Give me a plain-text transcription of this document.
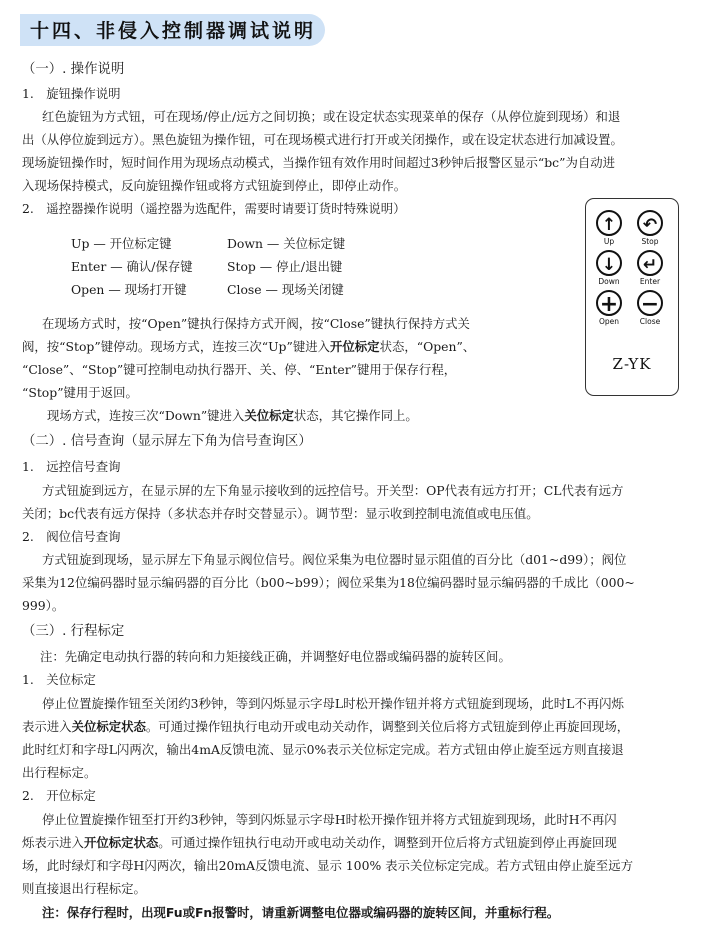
十四、非侵入控制器调试说明
（一）. 操作说明
1.　旋钮操作说明
红色旋钮为方式钮，可在现场/停止/远方之间切换；或在设定状态实现菜单的保存（从停位旋到现场）和退
出（从停位旋到远方）。黑色旋钮为操作钮，可在现场模式进行打开或关闭操作，或在设定状态进行加减设置。
现场旋钮操作时，短时间作用为现场点动模式，当操作钮有效作用时间超过3秒钟后报警区显示“bc”为自动进
入现场保持模式，反向旋钮操作钮或将方式钮旋到停止，即停止动作。
2.　遥控器操作说明（遥控器为选配件，需要时请要订货时特殊说明）
Up — 开位标定键
Enter — 确认/保存键
Open — 现场打开键
Down — 关位标定键
Stop — 停止/退出键
Close — 现场关闭键
在现场方式时，按“Open”键执行保持方式开阀，按“Close”键执行保持方式关
阀，按“Stop”键停动。现场方式，连按三次“Up”键进入开位标定状态，“Open”、
“Close”、“Stop”键可控制电动执行器开、关、停、“Enter”键用于保存行程，
“Stop”键用于返回。
现场方式，连按三次“Down”键进入关位标定状态，其它操作同上。
↑
Up
↶
Stop
↓
Down
↵
Enter
+
Open
−
Close
Z-YK
（二）. 信号查询（显示屏左下角为信号查询区）
1.　远控信号查询
方式钮旋到远方，在显示屏的左下角显示接收到的远控信号。开关型：OP代表有远方打开；CL代表有远方
关闭；bc代表有远方保持（多状态并存时交替显示）。调节型：显示收到控制电流值或电压值。
2.　阀位信号查询
方式钮旋到现场，显示屏左下角显示阀位信号。阀位采集为电位器时显示阻值的百分比（d01~d99）；阀位
采集为12位编码器时显示编码器的百分比（b00~b99）；阀位采集为18位编码器时显示编码器的千成比（000~
999）。
（三）. 行程标定
注：先确定电动执行器的转向和力矩接线正确，并调整好电位器或编码器的旋转区间。
1.　关位标定
停止位置旋操作钮至关闭约3秒钟，等到闪烁显示字母L时松开操作钮并将方式钮旋到现场，此时L不再闪烁
表示进入关位标定状态。可通过操作钮执行电动开或电动关动作，调整到关位后将方式钮旋到停止再旋回现场，
此时红灯和字母L闪两次，输出4mA反馈电流、显示0%表示关位标定完成。若方式钮由停止旋至远方则直接退
出行程标定。
2.　开位标定
停止位置旋操作钮至打开约3秒钟，等到闪烁显示字母H时松开操作钮并将方式钮旋到现场，此时H不再闪
烁表示进入开位标定状态。可通过操作钮执行电动开或电动关动作，调整到开位后将方式钮旋到停止再旋回现
场，此时绿灯和字母H闪两次，输出20mA反馈电流、显示 100% 表示关位标定完成。若方式钮由停止旋至远方
则直接退出行程标定。
注：保存行程时，出现Fu或Fn报警时，请重新调整电位器或编码器的旋转区间，并重标行程。
